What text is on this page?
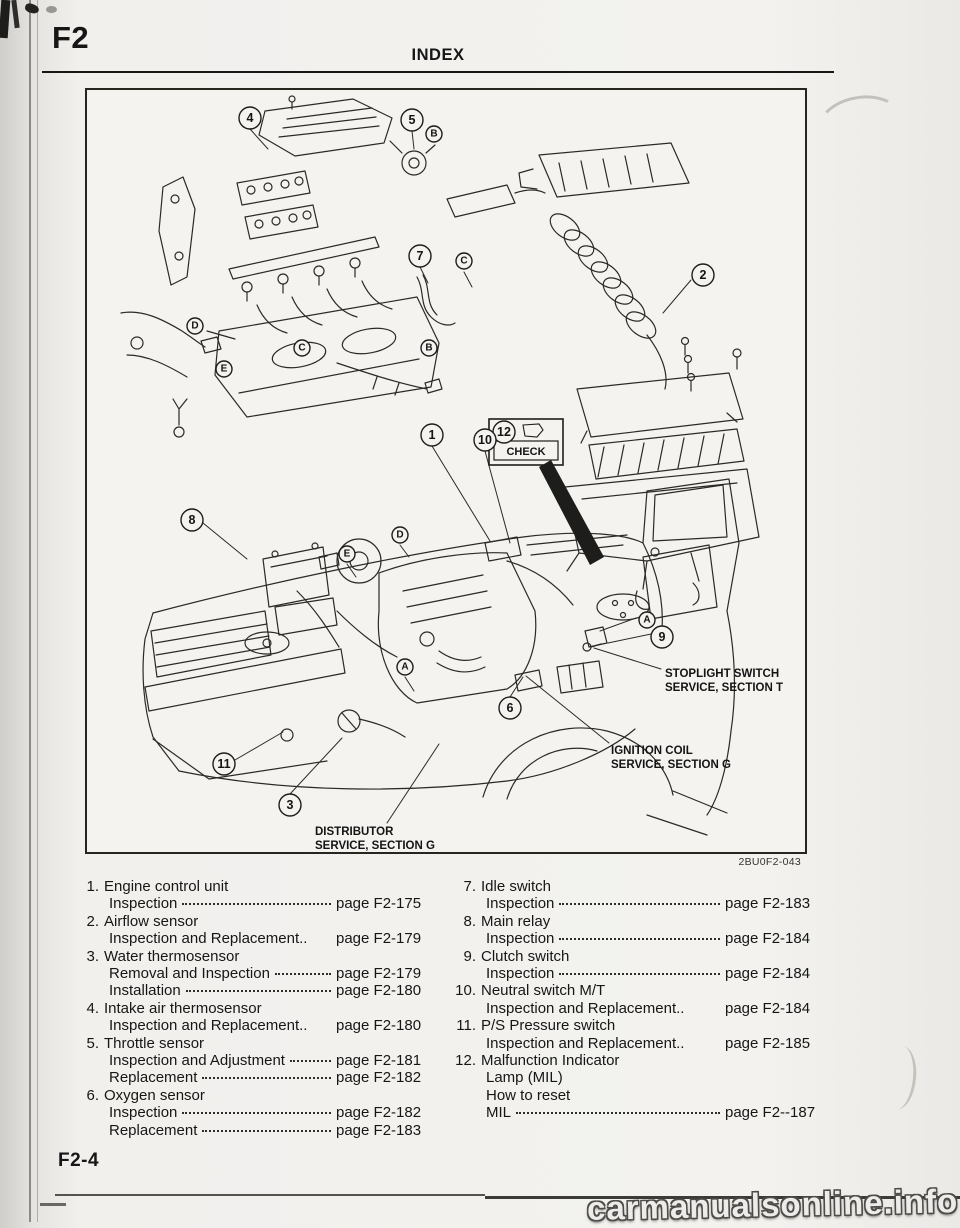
F2	INDEX
CHECK
4	5
7
2
1	12
10
8
9
6
11
3
B
C
D
C	B
E
D
E
A
A
STOPLIGHT SWITCH
SERVICE, SECTION T
IGNITION COIL
SERVICE, SECTION G
DISTRIBUTOR
SERVICE, SECTION G
2BU0F2-043
1. Engine control unit
Inspection	page F2-175
2. Airflow sensor
Inspection and Replacement.. page F2-179
3. Water thermosensor
Removal and Inspection	page F2-179
Installation	page F2-180
4. Intake air thermosensor
Inspection and Replacement.. page F2-180
5. Throttle sensor
Inspection and Adjustment	page F2-181
Replacement	page F2-182
6. Oxygen sensor
Inspection	page F2-182
Replacement	page F2-183
7. Idle switch
Inspection	page F2-183
8. Main relay
Inspection	page F2-184
9. Clutch switch
Inspection	page F2-184
10. Neutral switch M/T
Inspection and Replacement..	page F2-184
11. P/S Pressure switch
Inspection and Replacement..	page F2-185
12. Malfunction Indicator
Lamp (MIL)
How to reset
MIL	page F2--187
F2-4
carmanualsonline.info
